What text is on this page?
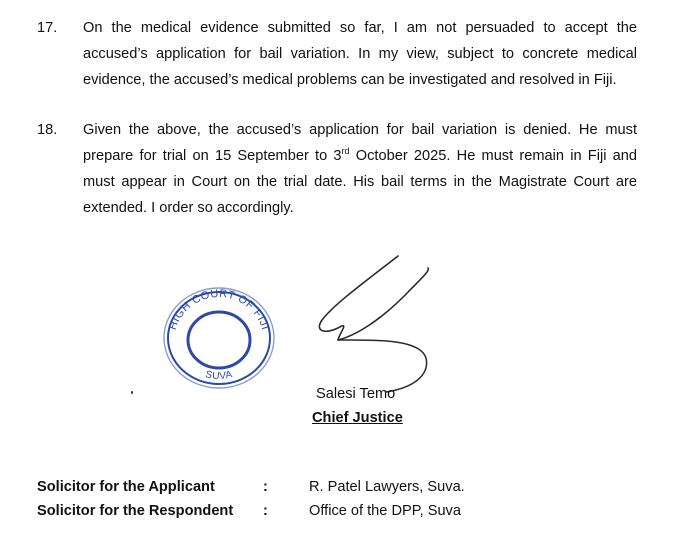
17. On the medical evidence submitted so far, I am not persuaded to accept the
accused’s application for bail variation. In my view, subject to concrete medical
evidence, the accused’s medical problems can be investigated and resolved in Fiji.
18. Given the above, the accused’s application for bail variation is denied. He must
prepare for trial on 15 September to 3rd October 2025. He must remain in Fiji and
must appear in Court on the trial date. His bail terms in the Magistrate Court are
extended. I order so accordingly.
HIGH COURT OF FIJI
SUVA
Salesi Temo
Chief Justice
Solicitor for the Applicant	:	R. Patel Lawyers, Suva.
Solicitor for the Respondent :	Office of the DPP, Suva
